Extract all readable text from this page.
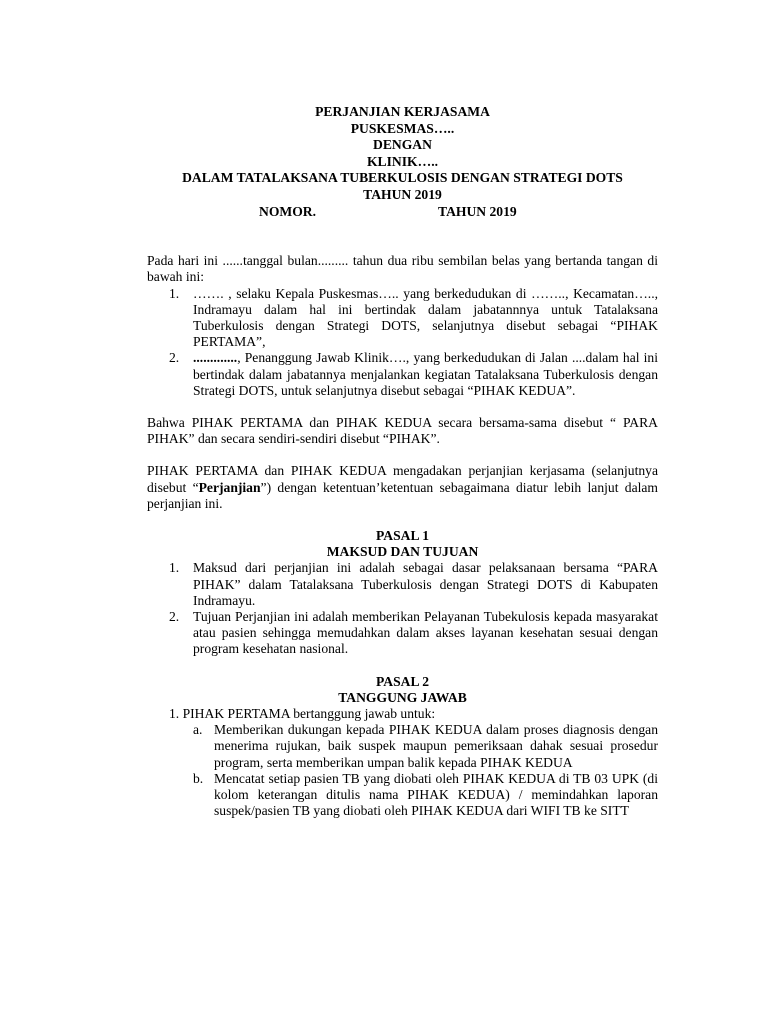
PERJANJIAN KERJASAMA
PUSKESMAS…..
DENGAN
KLINIK…..
DALAM TATALAKSANA TUBERKULOSIS DENGAN STRATEGI DOTS
TAHUN 2019
NOMOR.	TAHUN 2019

Pada hari ini ......tanggal bulan......... tahun dua ribu sembilan belas yang bertanda tangan di bawah ini:

1. ……. , selaku Kepala Puskesmas….. yang berkedudukan di …….., Kecamatan….., Indramayu dalam hal ini bertindak dalam jabatannnya untuk Tatalaksana Tuberkulosis dengan Strategi DOTS, selanjutnya disebut sebagai “PIHAK PERTAMA”,
2. ............., Penanggung Jawab Klinik…., yang berkedudukan di Jalan ....dalam hal ini bertindak dalam jabatannya menjalankan kegiatan Tatalaksana Tuberkulosis dengan Strategi DOTS, untuk selanjutnya disebut sebagai “PIHAK KEDUA”.

Bahwa PIHAK PERTAMA dan PIHAK KEDUA secara bersama-sama disebut “ PARA PIHAK” dan secara sendiri-sendiri disebut “PIHAK”.

PIHAK PERTAMA dan PIHAK KEDUA mengadakan perjanjian kerjasama (selanjutnya disebut “Perjanjian”) dengan ketentuan’ketentuan sebagaimana diatur lebih lanjut dalam perjanjian ini.

PASAL 1
MAKSUD DAN TUJUAN
1. Maksud dari perjanjian ini adalah sebagai dasar pelaksanaan bersama “PARA PIHAK” dalam Tatalaksana Tuberkulosis dengan Strategi DOTS di Kabupaten Indramayu.
2. Tujuan Perjanjian ini adalah memberikan Pelayanan Tubekulosis kepada masyarakat atau pasien sehingga memudahkan dalam akses layanan kesehatan sesuai dengan program kesehatan nasional.
PASAL 2
TANGGUNG JAWAB
1. PIHAK PERTAMA bertanggung jawab untuk:
a. Memberikan dukungan kepada PIHAK KEDUA dalam proses diagnosis dengan menerima rujukan, baik suspek maupun pemeriksaan dahak sesuai prosedur program, serta memberikan umpan balik kepada PIHAK KEDUA
b. Mencatat setiap pasien TB yang diobati oleh PIHAK KEDUA di TB 03 UPK (di kolom keterangan ditulis nama PIHAK KEDUA) / memindahkan laporan suspek/pasien TB yang diobati oleh PIHAK KEDUA dari WIFI TB ke SITT
